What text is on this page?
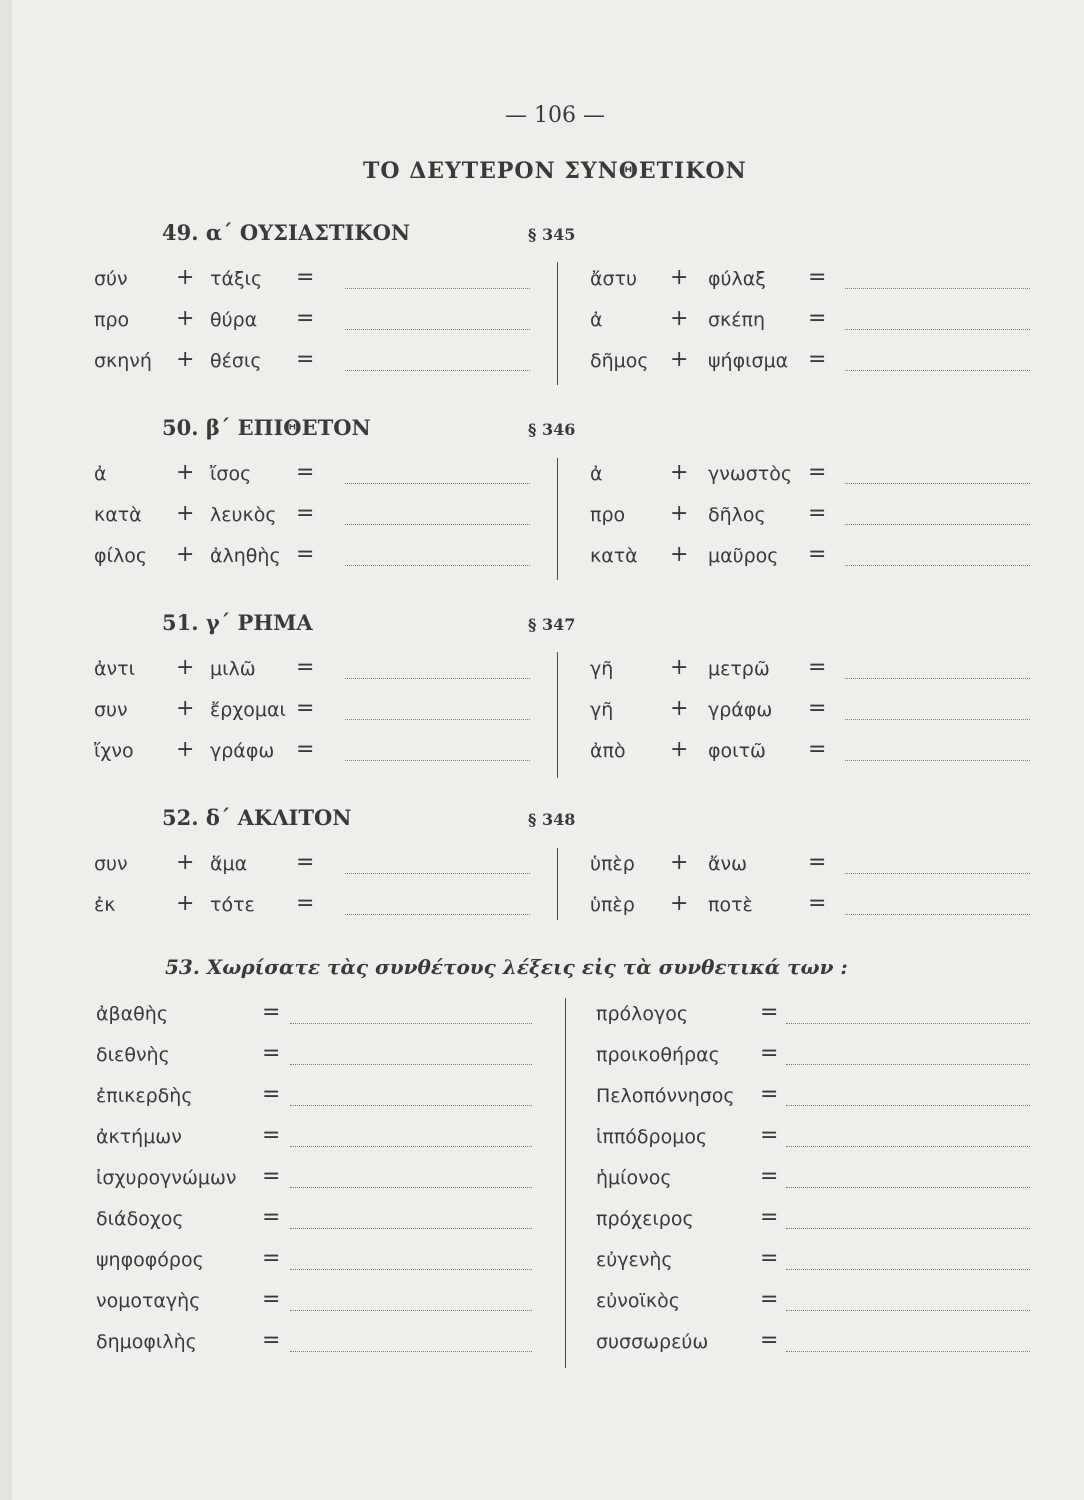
— 106 —
ΤΟ ΔΕΥΤΕΡΟΝ ΣΥΝΘΕΤΙΚΟΝ
49. α΄ ΟΥΣΙΑΣΤΙΚΟΝ	§ 345
σύν + τάξις =
προ + θύρα =
σκηνή + θέσις =
ἄστυ + φύλαξ =
ἀ	+ σκέπη =
δῆμος + ψήφισμα =
50. β΄ ΕΠΙΘΕΤΟΝ	§ 346
ἀ	+ ἴσος =
κατὰ + λευκὸς =
φίλος + ἀληθὴς =
ἀ	+ γνωστὸς =
προ + δῆλος =
κατὰ + μαῦρος =
51. γ΄ ΡΗΜΑ	§ 347
ἀντι + μιλῶ =
συν + ἔρχομαι =
ἴχνο + γράφω =
γῆ	+ μετρῶ =
γῆ	+ γράφω =
ἀπὸ + φοιτῶ =
52. δ΄ ΑΚΛΙΤΟΝ	§ 348
συν + ἅμα =
ἐκ	+ τότε =
ὑπὲρ + ἄνω	=
ὑπὲρ + ποτὲ	=
ἀβαθὴς	=
διεθνὴς	=
ἐπικερδὴς	=
ἀκτήμων	=
ἰσχυρογνώμων =
διάδοχος	=
ψηφοφόρος	=
νομοταγὴς	=
δημοφιλὴς	=
πρόλογος	=
προικοθήρας =
Πελοπόννησος =
ἱππόδρομος =
ἡμίονος	=
πρόχειρος	=
εὐγενὴς	=
εὐνοϊκὸς	=
συσσωρεύω =
53. Χωρίσατε τὰς συνθέτους λέξεις εἰς τὰ συνθετικά των :
